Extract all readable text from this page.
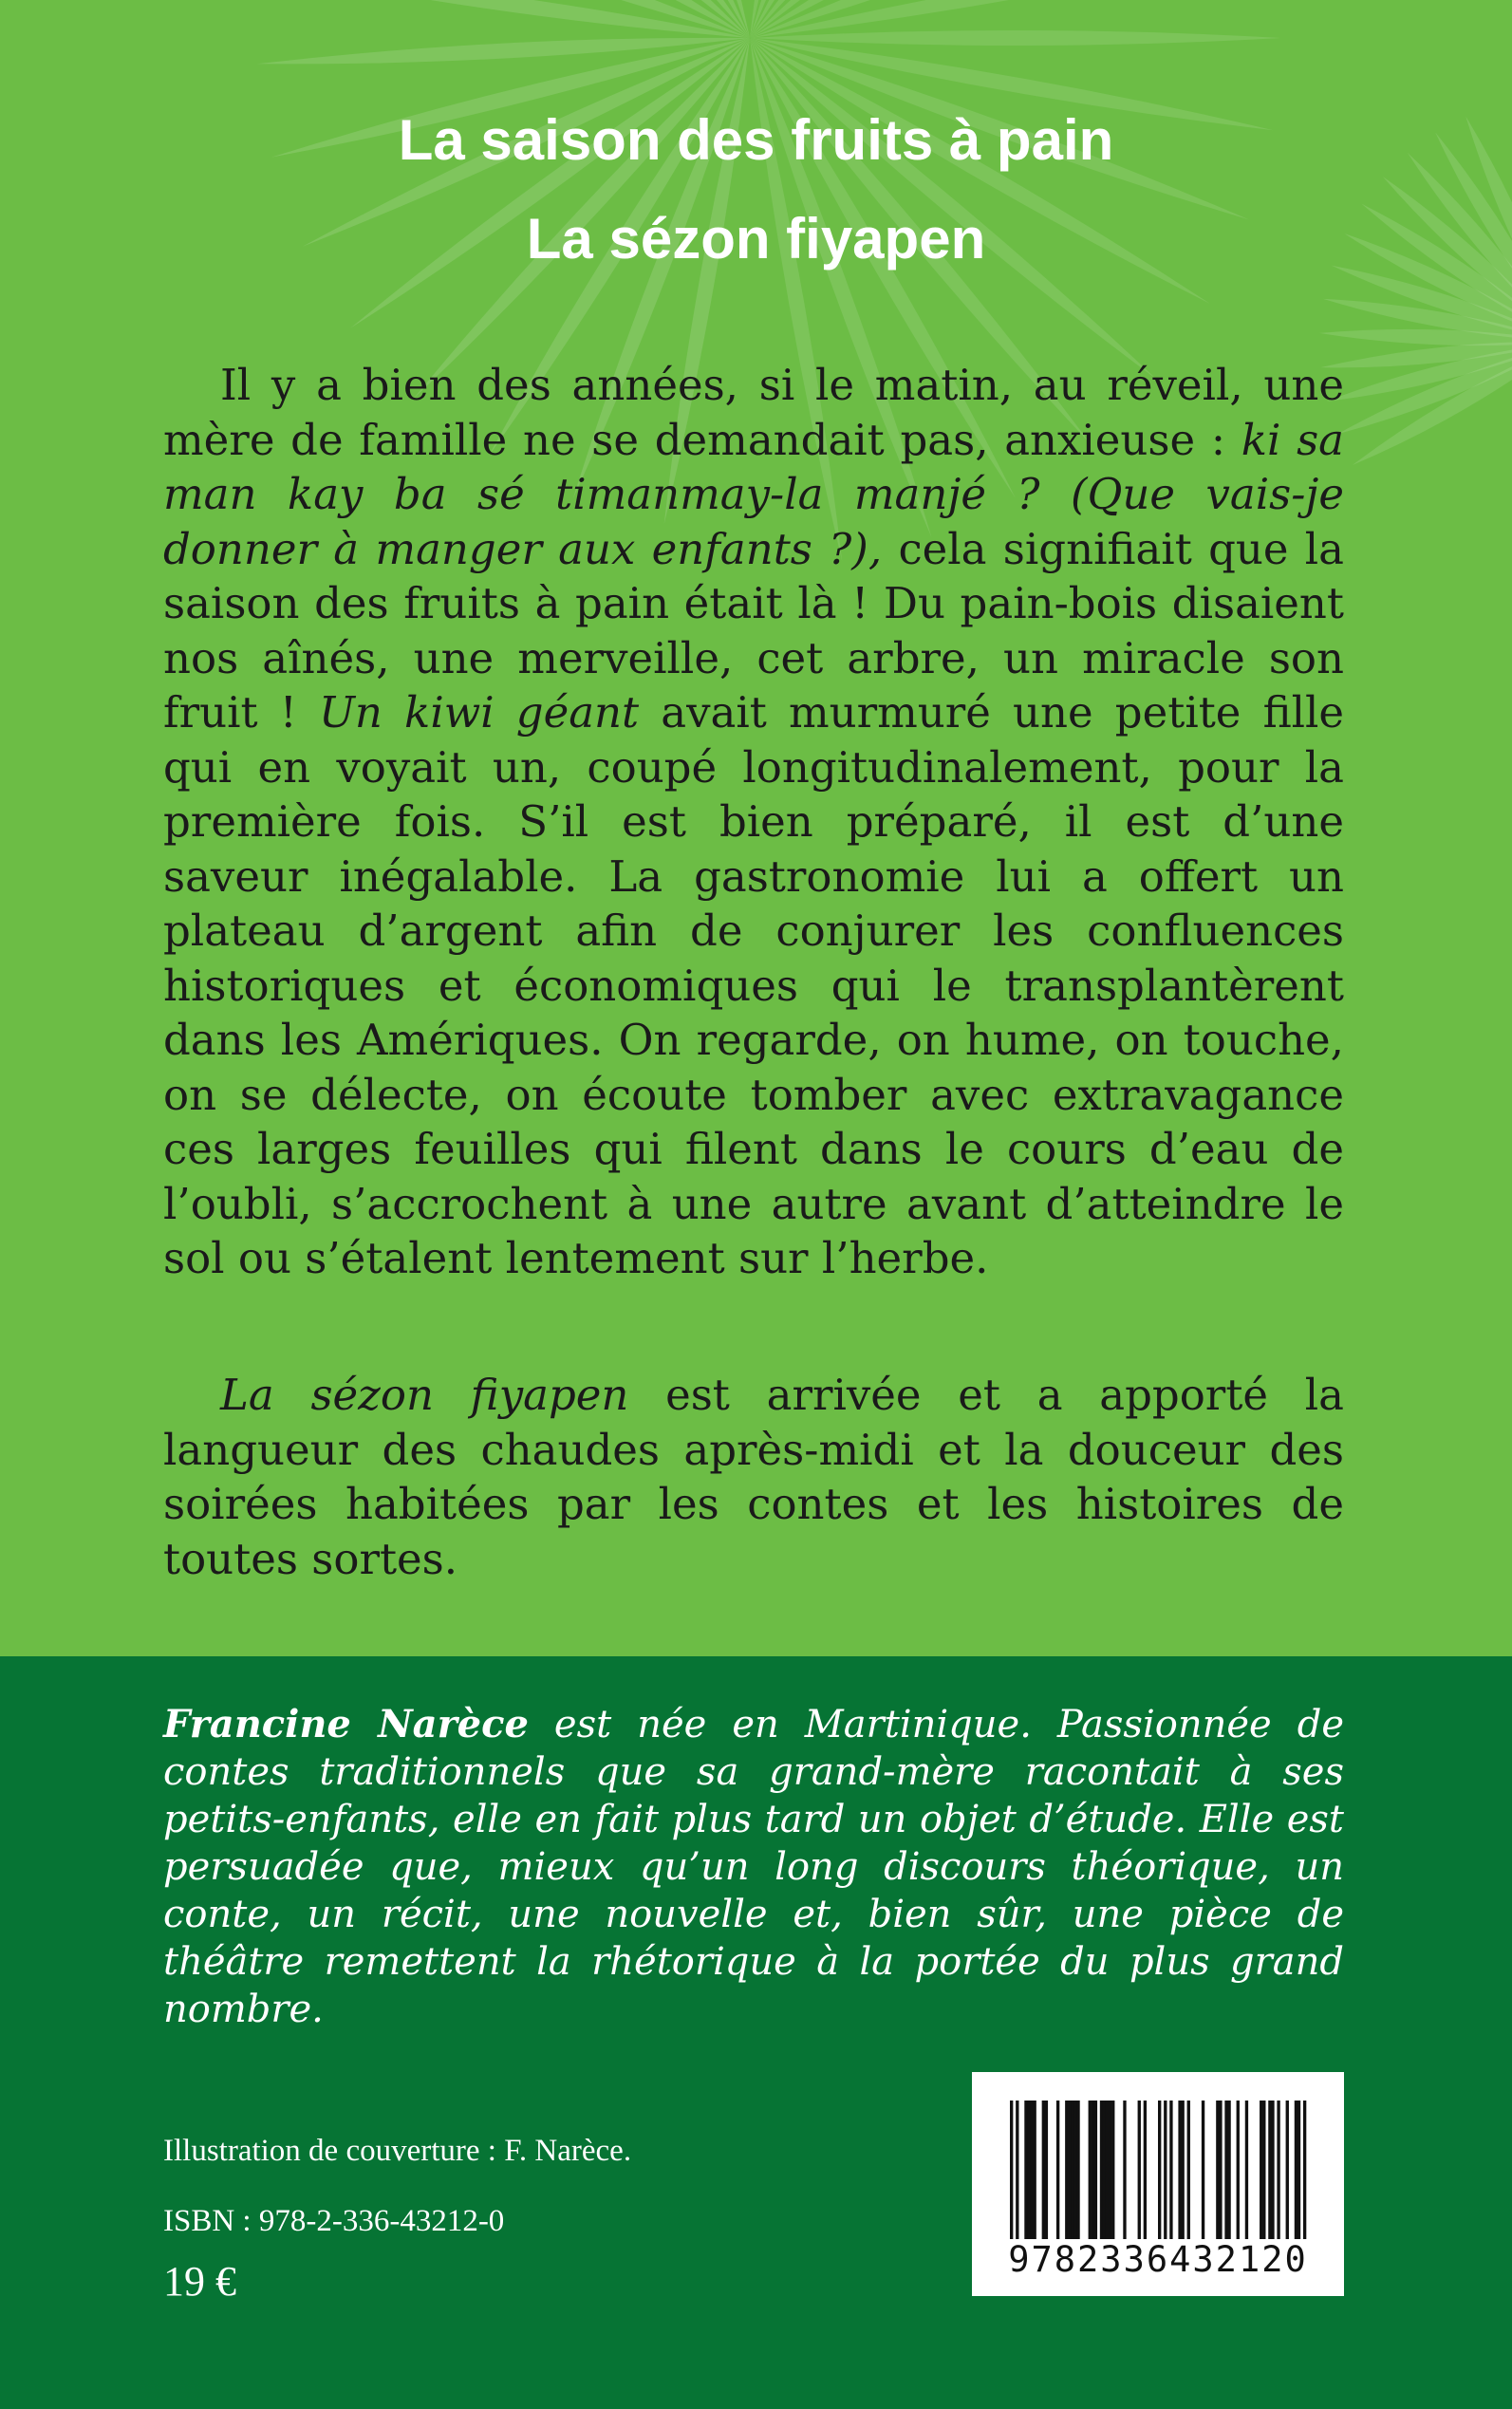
La saison des fruits à pain
La sézon fiyapen

Il y a bien des années, si le matin, au réveil, une mère de famille ne se demandait pas, anxieuse : ki sa man kay ba sé timanmay-la manjé ? (Que vais-je donner à manger aux enfants ?), cela signifiait que la saison des fruits à pain était là ! Du pain-bois disaient nos aînés, une merveille, cet arbre, un miracle son fruit ! Un kiwi géant avait murmuré une petite fille qui en voyait un, coupé longitudinalement, pour la première fois. S’il est bien préparé, il est d’une saveur inégalable. La gastronomie lui a offert un plateau d’argent afin de conjurer les confluences historiques et économiques qui le transplantèrent dans les Amériques. On regarde, on hume, on touche, on se délecte, on écoute tomber avec extravagance ces larges feuilles qui filent dans le cours d’eau de l’oubli, s’accrochent à une autre avant d’atteindre le sol ou s’étalent lentement sur l’herbe.

La sézon fiyapen est arrivée et a apporté la langueur des chaudes après-midi et la douceur des soirées habitées par les contes et les histoires de toutes sortes.

Francine Narèce est née en Martinique. Passionnée de contes traditionnels que sa grand-mère racontait à ses petits-enfants, elle en fait plus tard un objet d’étude. Elle est persuadée que, mieux qu’un long discours théorique, un conte, un récit, une nouvelle et, bien sûr, une pièce de théâtre remettent la rhétorique à la portée du plus grand nombre.

Illustration de couverture : F. Narèce.
ISBN : 978-2-336-43212-0
19 €	9782336432120
